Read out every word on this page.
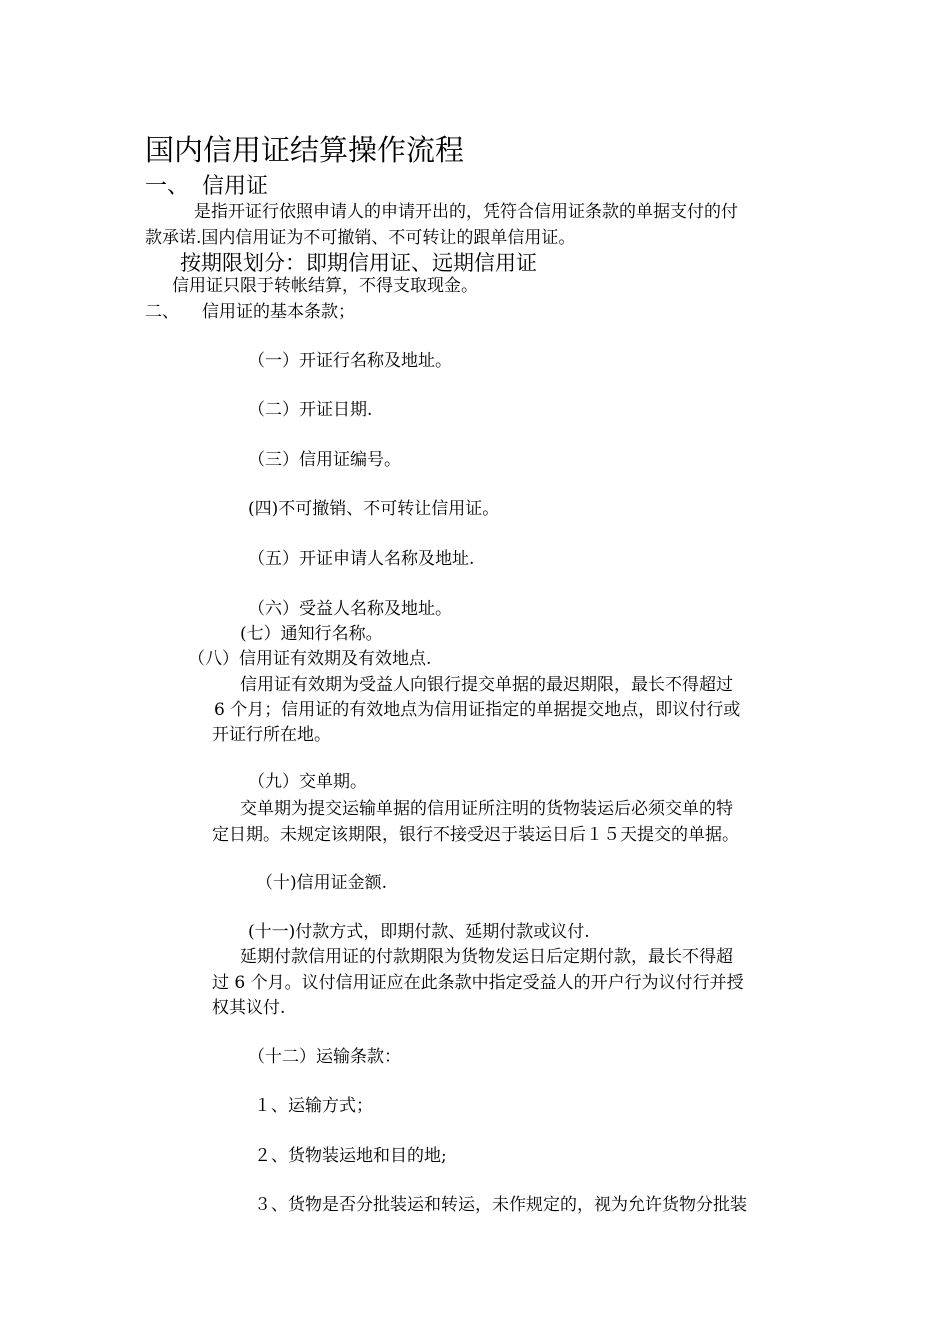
国内信用证结算操作流程
一、 信用证
是指开证行依照申请人的申请开出的，凭符合信用证条款的单据支付的付
款承诺.国内信用证为不可撤销、不可转让的跟单信用证。
按期限划分：即期信用证、远期信用证
信用证只限于转帐结算，不得支取现金。
二、 信用证的基本条款；
（一）开证行名称及地址。
（二）开证日期.
（三）信用证编号。
(四)不可撤销、不可转让信用证。
（五）开证申请人名称及地址.
（六）受益人名称及地址。
(七）通知行名称。
（八）信用证有效期及有效地点.
信用证有效期为受益人向银行提交单据的最迟期限，最长不得超过
6 个月；信用证的有效地点为信用证指定的单据提交地点，即议付行或
开证行所在地。
（九）交单期。
交单期为提交运输单据的信用证所注明的货物装运后必须交单的特
定日期。未规定该期限，银行不接受迟于装运日后１５天提交的单据。
（十)信用证金额.
(十一)付款方式，即期付款、延期付款或议付.
延期付款信用证的付款期限为货物发运日后定期付款，最长不得超
过 6 个月。议付信用证应在此条款中指定受益人的开户行为议付行并授
权其议付.
（十二）运输条款：
１、运输方式；
２、货物装运地和目的地;
３、货物是否分批装运和转运，未作规定的，视为允许货物分批装
